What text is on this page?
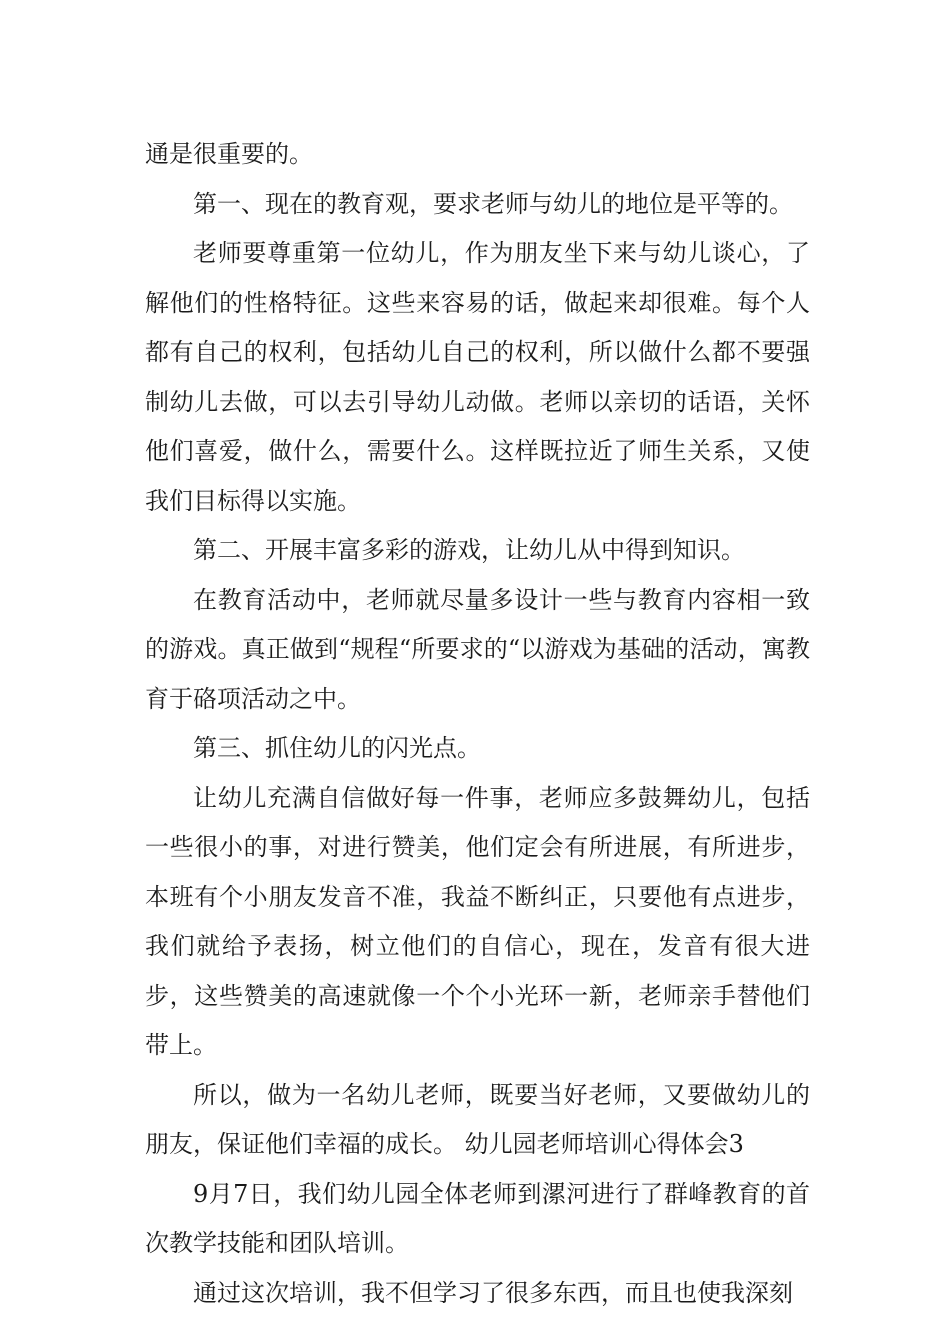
通是很重要的。

第一、现在的教育观，要求老师与幼儿的地位是平等的。

老师要尊重第一位幼儿，作为朋友坐下来与幼儿谈心，了解他们的性格特征。这些来容易的话，做起来却很难。每个人都有自己的权利，包括幼儿自己的权利，所以做什么都不要强制幼儿去做，可以去引导幼儿动做。老师以亲切的话语，关怀他们喜爱，做什么，需要什么。这样既拉近了师生关系，又使我们目标得以实施。

第二、开展丰富多彩的游戏，让幼儿从中得到知识。

在教育活动中，老师就尽量多设计一些与教育内容相一致的游戏。真正做到“规程“所要求的“以游戏为基础的活动，寓教育于硌项活动之中。

第三、抓住幼儿的闪光点。

让幼儿充满自信做好每一件事，老师应多鼓舞幼儿，包括一些很小的事，对进行赞美，他们定会有所进展，有所进步，本班有个小朋友发音不准，我益不断纠正，只要他有点进步，我们就给予表扬，树立他们的自信心，现在，发音有很大进步，这些赞美的高速就像一个个小光环一新，老师亲手替他们带上。

所以，做为一名幼儿老师，既要当好老师，又要做幼儿的朋友，保证他们幸福的成长。 幼儿园老师培训心得体会3

9月7日，我们幼儿园全体老师到漯河进行了群峰教育的首次教学技能和团队培训。

通过这次培训，我不但学习了很多东西，而且也使我深刻
